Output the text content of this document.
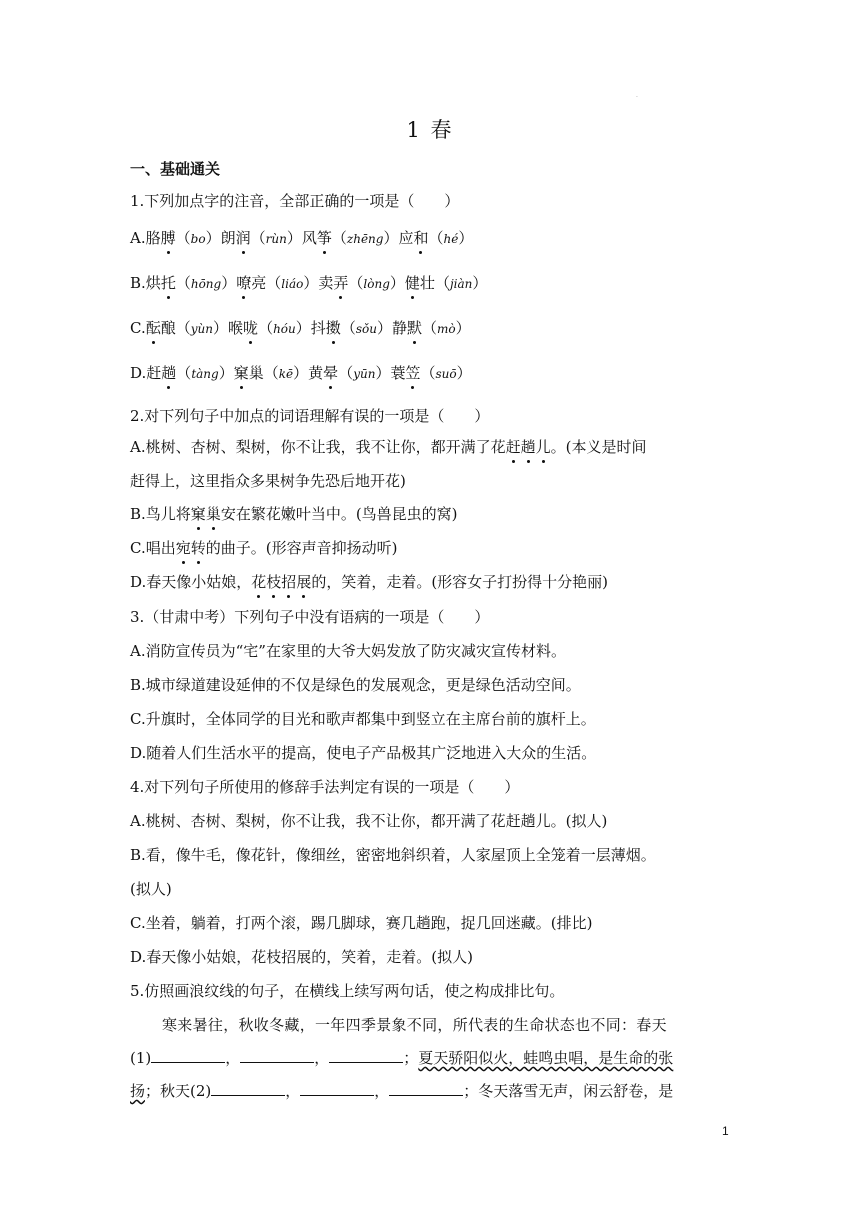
.
1 春
一、基础通关
1.下列加点字的注音，全部正确的一项是（　　）
A.胳膊（bo）朗润（rùn）风筝（zhēng）应和（hé）
B.烘托（hōng）嘹亮（liáo）卖弄（lòng）健壮（jiàn）
C.酝酿（yùn）喉咙（hóu）抖擞（sǒu）静默（mò）
D.赶趟（tàng）窠巢（kē）黄晕（yūn）蓑笠（suō）
2.对下列句子中加点的词语理解有误的一项是（　　）
A.桃树、杏树、梨树，你不让我，我不让你，都开满了花赶趟儿。(本义是时间
赶得上，这里指众多果树争先恐后地开花)
B.鸟儿将窠巢安在繁花嫩叶当中。(鸟兽昆虫的窝)
C.唱出宛转的曲子。(形容声音抑扬动听)
D.春天像小姑娘，花枝招展的，笑着，走着。(形容女子打扮得十分艳丽)
3.（甘肃中考）下列句子中没有语病的一项是（　　）
A.消防宣传员为“宅”在家里的大爷大妈发放了防灾减灾宣传材料。
B.城市绿道建设延伸的不仅是绿色的发展观念，更是绿色活动空间。
C.升旗时，全体同学的目光和歌声都集中到竖立在主席台前的旗杆上。
D.随着人们生活水平的提高，使电子产品极其广泛地进入大众的生活。
4.对下列句子所使用的修辞手法判定有误的一项是（　　）
A.桃树、杏树、梨树，你不让我，我不让你，都开满了花赶趟儿。(拟人)
B.看，像牛毛，像花针，像细丝，密密地斜织着，人家屋顶上全笼着一层薄烟。
(拟人)
C.坐着，躺着，打两个滚，踢几脚球，赛几趟跑，捉几回迷藏。(排比)
D.春天像小姑娘，花枝招展的，笑着，走着。(拟人)
5.仿照画浪纹线的句子，在横线上续写两句话，使之构成排比句。
寒来暑往，秋收冬藏，一年四季景象不同，所代表的生命状态也不同：春天
(1)	，	，	；夏天骄阳似火，蛙鸣虫唱，是生命的张
扬；秋天(2)	，	，	；冬天落雪无声，闲云舒卷，是
1
